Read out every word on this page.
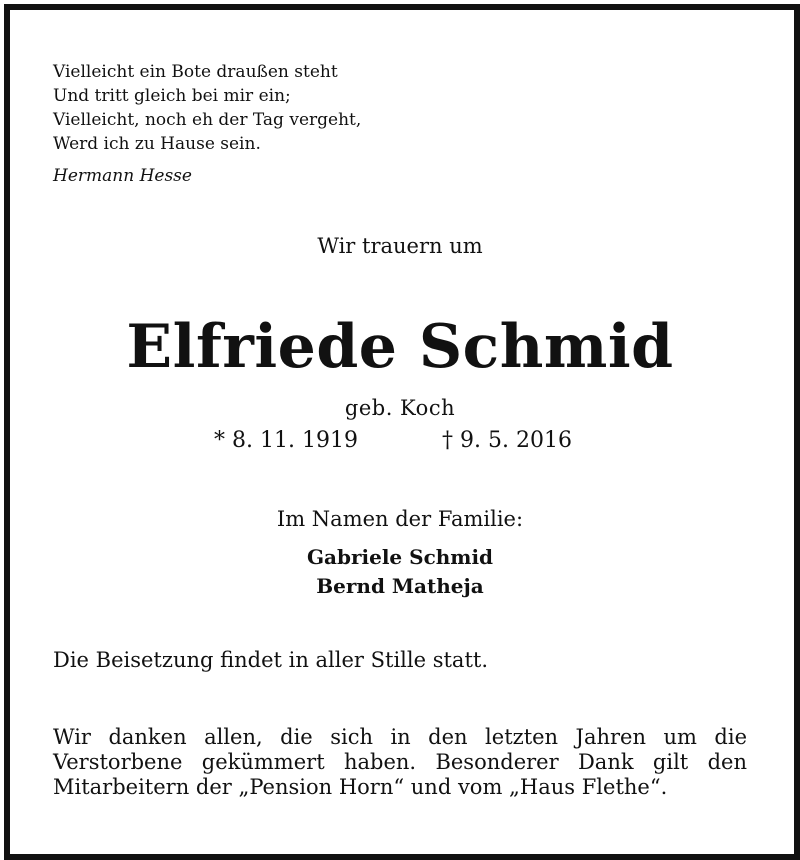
Vielleicht ein Bote draußen steht
Und tritt gleich bei mir ein;
Vielleicht, noch eh der Tag vergeht,
Werd ich zu Hause sein.
Hermann Hesse
Wir trauern um
Elfriede Schmid
geb. Koch
* 8. 11. 1919	† 9. 5. 2016
Im Namen der Familie:
Gabriele Schmid
Bernd Matheja
Die Beisetzung findet in aller Stille statt.
Wir danken allen, die sich in den letzten Jahren um die
Verstorbene gekümmert haben. Besonderer Dank gilt den
Mitarbeitern der „Pension Horn“ und vom „Haus Flethe“.
